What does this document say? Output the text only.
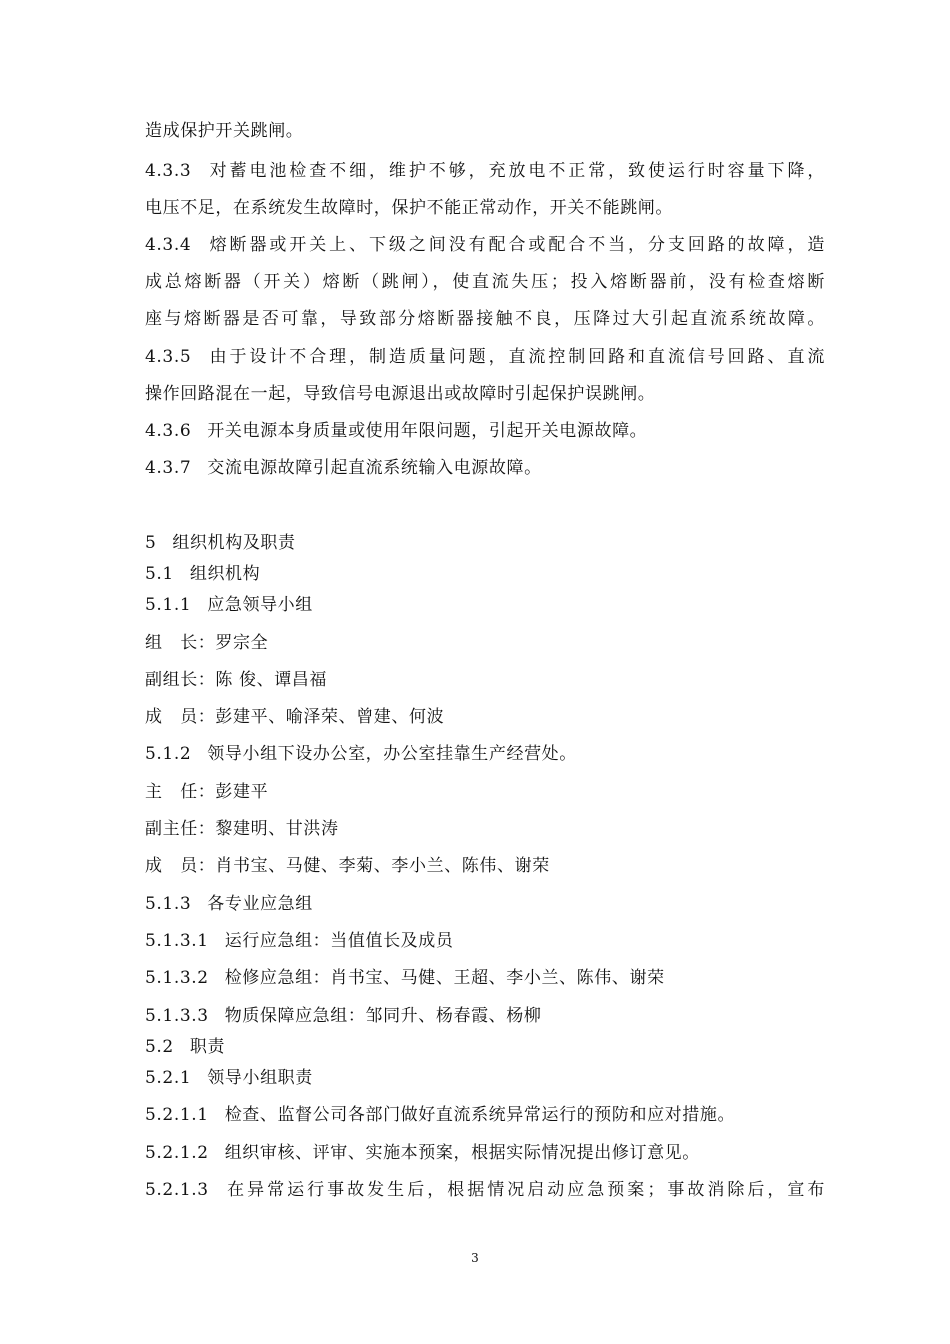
造成保护开关跳闸。
4.3.3 对蓄电池检查不细，维护不够，充放电不正常，致使运行时容量下降，
电压不足，在系统发生故障时，保护不能正常动作，开关不能跳闸。
4.3.4 熔断器或开关上、下级之间没有配合或配合不当，分支回路的故障，造
成总熔断器（开关）熔断（跳闸），使直流失压；投入熔断器前，没有检查熔断
座与熔断器是否可靠，导致部分熔断器接触不良，压降过大引起直流系统故障。
4.3.5 由于设计不合理，制造质量问题，直流控制回路和直流信号回路、直流
操作回路混在一起，导致信号电源退出或故障时引起保护误跳闸。
4.3.6 开关电源本身质量或使用年限问题，引起开关电源故障。
4.3.7 交流电源故障引起直流系统输入电源故障。
5 组织机构及职责
5.1 组织机构
5.1.1 应急领导小组
组　长：罗宗全
副组长：陈 俊、谭昌福
成　员：彭建平、喻泽荣、曾建、何波
5.1.2 领导小组下设办公室，办公室挂靠生产经营处。
主　任：彭建平
副主任：黎建明、甘洪涛
成　员：肖书宝、马健、李菊、李小兰、陈伟、谢荣
5.1.3 各专业应急组
5.1.3.1 运行应急组：当值值长及成员
5.1.3.2 检修应急组：肖书宝、马健、王超、李小兰、陈伟、谢荣
5.1.3.3 物质保障应急组：邹同升、杨春霞、杨柳
5.2 职责
5.2.1 领导小组职责
5.2.1.1 检查、监督公司各部门做好直流系统异常运行的预防和应对措施。
5.2.1.2 组织审核、评审、实施本预案，根据实际情况提出修订意见。
5.2.1.3 在异常运行事故发生后，根据情况启动应急预案；事故消除后，宣布
3
